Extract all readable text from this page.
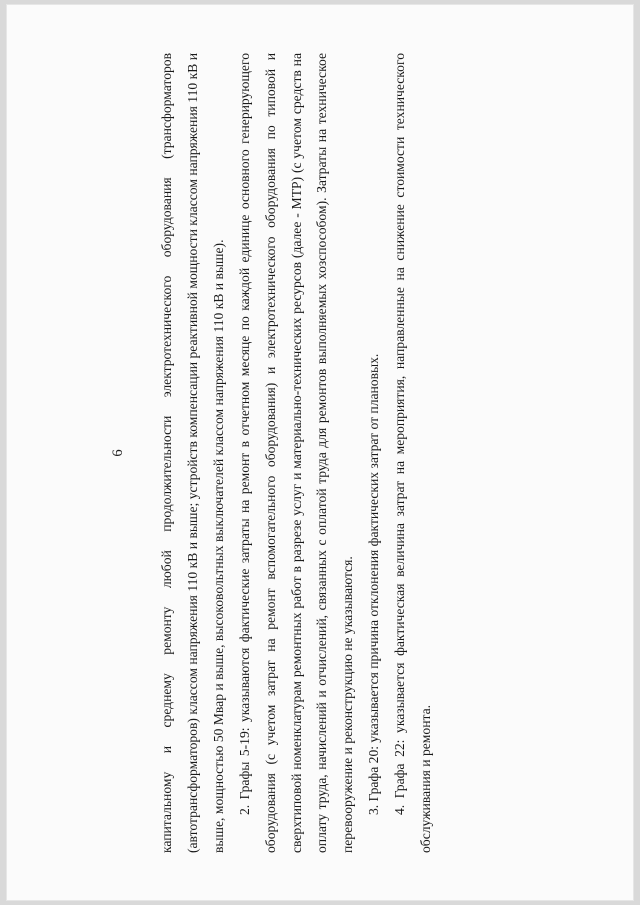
6	капитальному и среднему ремонту любой продолжительности электротехнического оборудования (трансформаторов (автотрансформаторов) классом напряжения 110 кВ и выше; устройств компенсации реактивной мощности классом напряжения 110 кВ и выше, мощностью 50 Мвар и выше, высоковольтных выключателей классом напряжения 110 кВ и выше). 2. Графы 5-19: указываются фактические затраты на ремонт в отчетном месяце по каждой единице основного генерирующего оборудования (с учетом затрат на ремонт вспомогательного оборудования) и электротехнического оборудования по типовой и сверхтиповой номенклатурам ремонтных работ в разрезе услуг и материально-технических ресурсов (далее - МТР) (с учетом средств на оплату труда, начислений и отчислений, связанных с оплатой труда для ремонтов выполняемых хозспособом). Затраты на техническое перевооружение и реконструкцию не указываются. 3. Графа 20: указывается причина отклонения фактических затрат от плановых. 4. Графа 22: указывается фактическая величина затрат на мероприятия, направленные на снижение стоимости технического обслуживания и ремонта.
